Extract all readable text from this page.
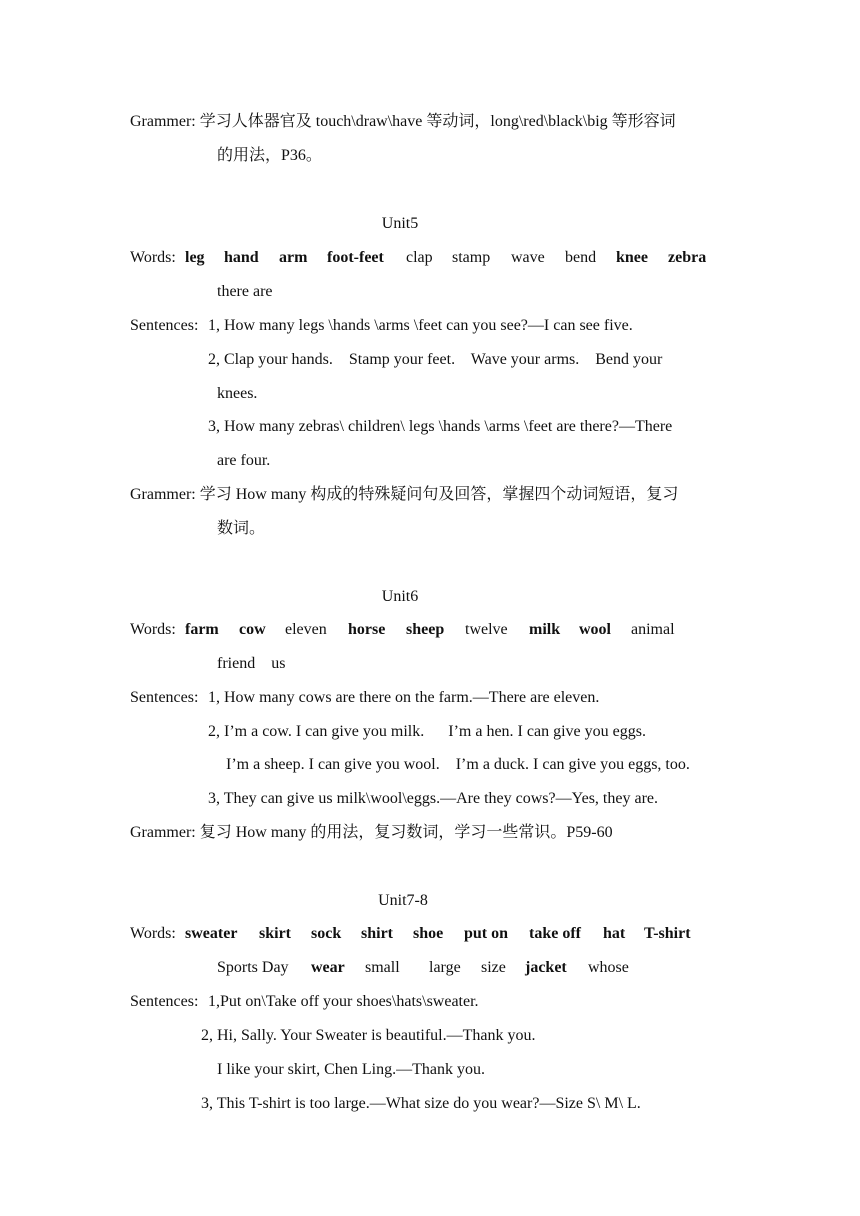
Grammer: 学习人体器官及 touch\draw\have 等动词，long\red\black\big 等形容词
的用法，P36。
Unit5
Words: leg hand arm foot-feet clap stamp wave bend knee zebra
there are
Sentences: 1, How many legs \hands \arms \feet can you see?—I can see five.
2, Clap your hands.    Stamp your feet.    Wave your arms.    Bend your
knees.
3, How many zebras\ children\ legs \hands \arms \feet are there?—There
are four.
Grammer: 学习 How many 构成的特殊疑问句及回答，掌握四个动词短语，复习
数词。
Unit6
Words: farm cow eleven horse sheep twelve milk wool animal
friend    us
Sentences: 1, How many cows are there on the farm.—There are eleven.
2, I’m a cow. I can give you milk.      I’m a hen. I can give you eggs.
I’m a sheep. I can give you wool.    I’m a duck. I can give you eggs, too.
3, They can give us milk\wool\eggs.—Are they cows?—Yes, they are.
Grammer: 复习 How many 的用法，复习数词，学习一些常识。P59-60
Unit7-8
Words: sweater skirt sock shirt shoe put on take off hat T-shirt
Sports Day wear small large size jacket whose
Sentences: 1,Put on\Take off your shoes\hats\sweater.
2, Hi, Sally. Your Sweater is beautiful.—Thank you.
I like your skirt, Chen Ling.—Thank you.
3, This T-shirt is too large.—What size do you wear?—Size S\ M\ L.
